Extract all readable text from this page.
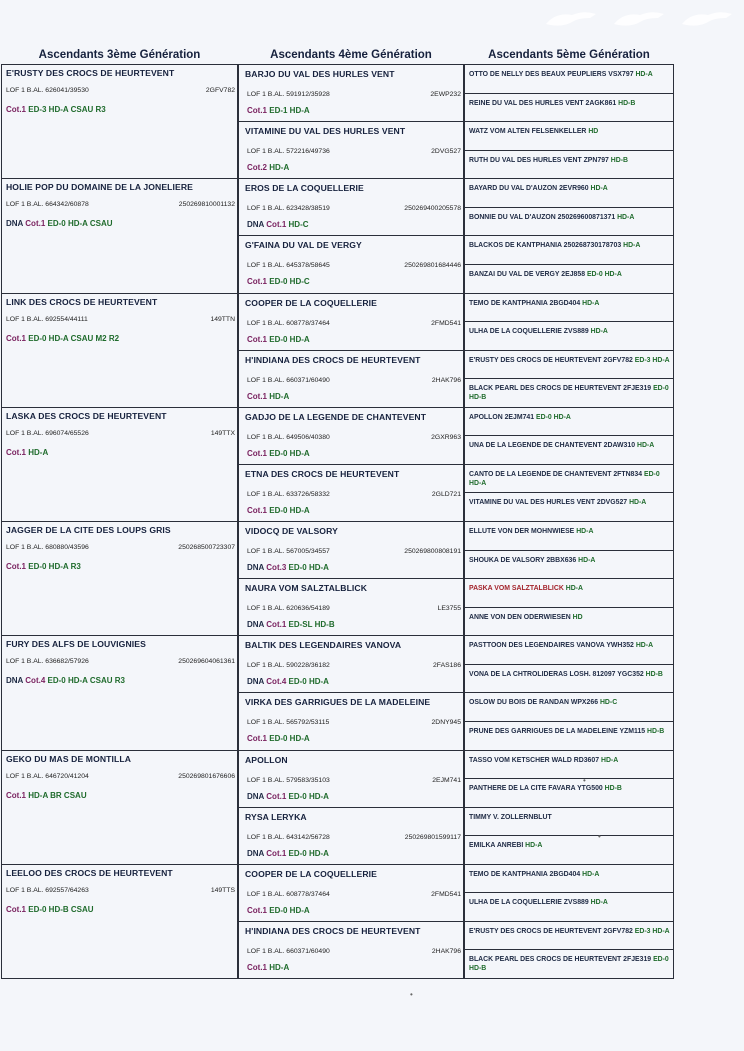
Ascendants 3ème Génération	Ascendants 4ème Génération	Ascendants 5ème Génération
E'RUSTY DES CROCS DE HEURTEVENT
LOF 1 B.AL. 626041/39530	2GFV782
Cot.1 ED-3 HD-A CSAU R3
HOLIE POP DU DOMAINE DE LA JONELIERE
LOF 1 B.AL. 664342/60878	250269810001132
DNA Cot.1 ED-0 HD-A CSAU
LINK DES CROCS DE HEURTEVENT
LOF 1 B.AL. 692554/44111	149TTN
Cot.1 ED-0 HD-A CSAU M2 R2
LASKA DES CROCS DE HEURTEVENT
LOF 1 B.AL. 696074/65526	149TTX
Cot.1 HD-A
JAGGER DE LA CITE DES LOUPS GRIS
LOF 1 B.AL. 680880/43596	250268500723307
Cot.1 ED-0 HD-A R3
FURY DES ALFS DE LOUVIGNIES
LOF 1 B.AL. 636682/57926	250269604061361
DNA Cot.4 ED-0 HD-A CSAU R3
GEKO DU MAS DE MONTILLA
LOF 1 B.AL. 646720/41204	250269801676606
Cot.1 HD-A BR CSAU
LEELOO DES CROCS DE HEURTEVENT
LOF 1 B.AL. 692557/64263	149TTS
Cot.1 ED-0 HD-B CSAU
BARJO DU VAL DES HURLES VENT
LOF 1 B.AL. 591912/35928	2EWP232
Cot.1 ED-1 HD-A
VITAMINE DU VAL DES HURLES VENT
LOF 1 B.AL. 572216/49736	2DVG527
Cot.2 HD-A
EROS DE LA COQUELLERIE
LOF 1 B.AL. 623428/38519	250269400205578
DNA Cot.1 HD-C
G'FAINA DU VAL DE VERGY
LOF 1 B.AL. 645378/58645	250269801684446
Cot.1 ED-0 HD-C
COOPER DE LA COQUELLERIE
LOF 1 B.AL. 608778/37464	2FMD541
Cot.1 ED-0 HD-A
H'INDIANA DES CROCS DE HEURTEVENT
LOF 1 B.AL. 660371/60490	2HAK796
Cot.1 HD-A
GADJO DE LA LEGENDE DE CHANTEVENT
LOF 1 B.AL. 649506/40380	2GXR963
Cot.1 ED-0 HD-A
ETNA DES CROCS DE HEURTEVENT
LOF 1 B.AL. 633726/58332	2GLD721
Cot.1 ED-0 HD-A
VIDOCQ DE VALSORY
LOF 1 B.AL. 567005/34557	250269800808191
DNA Cot.3 ED-0 HD-A
NAURA VOM SALZTALBLICK
LOF 1 B.AL. 620636/54189	LE3755
DNA Cot.1 ED-SL HD-B
BALTIK DES LEGENDAIRES VANOVA
LOF 1 B.AL. 590228/36182	2FAS186
DNA Cot.4 ED-0 HD-A
VIRKA DES GARRIGUES DE LA MADELEINE
LOF 1 B.AL. 565792/53115	2DNY945
Cot.1 ED-0 HD-A
APOLLON
LOF 1 B.AL. 579583/35103	2EJM741
DNA Cot.1 ED-0 HD-A
RYSA LERYKA
LOF 1 B.AL. 643142/56728	250269801599117
DNA Cot.1 ED-0 HD-A
COOPER DE LA COQUELLERIE
LOF 1 B.AL. 608778/37464	2FMD541
Cot.1 ED-0 HD-A
H'INDIANA DES CROCS DE HEURTEVENT
LOF 1 B.AL. 660371/60490	2HAK796
Cot.1 HD-A
OTTO DE NELLY DES BEAUX PEUPLIERS VSX797 HD-A
REINE DU VAL DES HURLES VENT 2AGK861 HD-B
WATZ VOM ALTEN FELSENKELLER HD
RUTH DU VAL DES HURLES VENT ZPN797 HD-B
BAYARD DU VAL D'AUZON 2EVR960 HD-A
BONNIE DU VAL D'AUZON 250269600871371 HD-A
BLACKOS DE KANTPHANIA 250268730178703 HD-A
BANZAI DU VAL DE VERGY 2EJ858 ED-0 HD-A
TEMO DE KANTPHANIA 2BGD404 HD-A
ULHA DE LA COQUELLERIE ZVS889 HD-A
E'RUSTY DES CROCS DE HEURTEVENT 2GFV782 ED-3 HD-A
BLACK PEARL DES CROCS DE HEURTEVENT 2FJE319 ED-0 HD-B
APOLLON 2EJM741 ED-0 HD-A
UNA DE LA LEGENDE DE CHANTEVENT 2DAW310 HD-A
CANTO DE LA LEGENDE DE CHANTEVENT 2FTN834 ED-0 HD-A
VITAMINE DU VAL DES HURLES VENT 2DVG527 HD-A
ELLUTE VON DER MOHNWIESE HD-A
SHOUKA DE VALSORY 2BBX636 HD-A
PASKA VOM SALZTALBLICK HD-A
ANNE VON DEN ODERWIESEN HD
PASTTOON DES LEGENDAIRES VANOVA YWH352 HD-A
VONA DE LA CHTROLIDERAS LOSH. 812097 YGC352 HD-B
OSLOW DU BOIS DE RANDAN WPX266 HD-C
PRUNE DES GARRIGUES DE LA MADELEINE YZM115 HD-B
TASSO VOM KETSCHER WALD RD3607 HD-A
PANTHERE DE LA CITE FAVARA YTG500 HD-B
TIMMY V. ZOLLERNBLUT
EMILKA ANREBI HD-A
TEMO DE KANTPHANIA 2BGD404 HD-A
ULHA DE LA COQUELLERIE ZVS889 HD-A
E'RUSTY DES CROCS DE HEURTEVENT 2GFV782 ED-3 HD-A
BLACK PEARL DES CROCS DE HEURTEVENT 2FJE319 ED-0 HD-B
•
•
•
